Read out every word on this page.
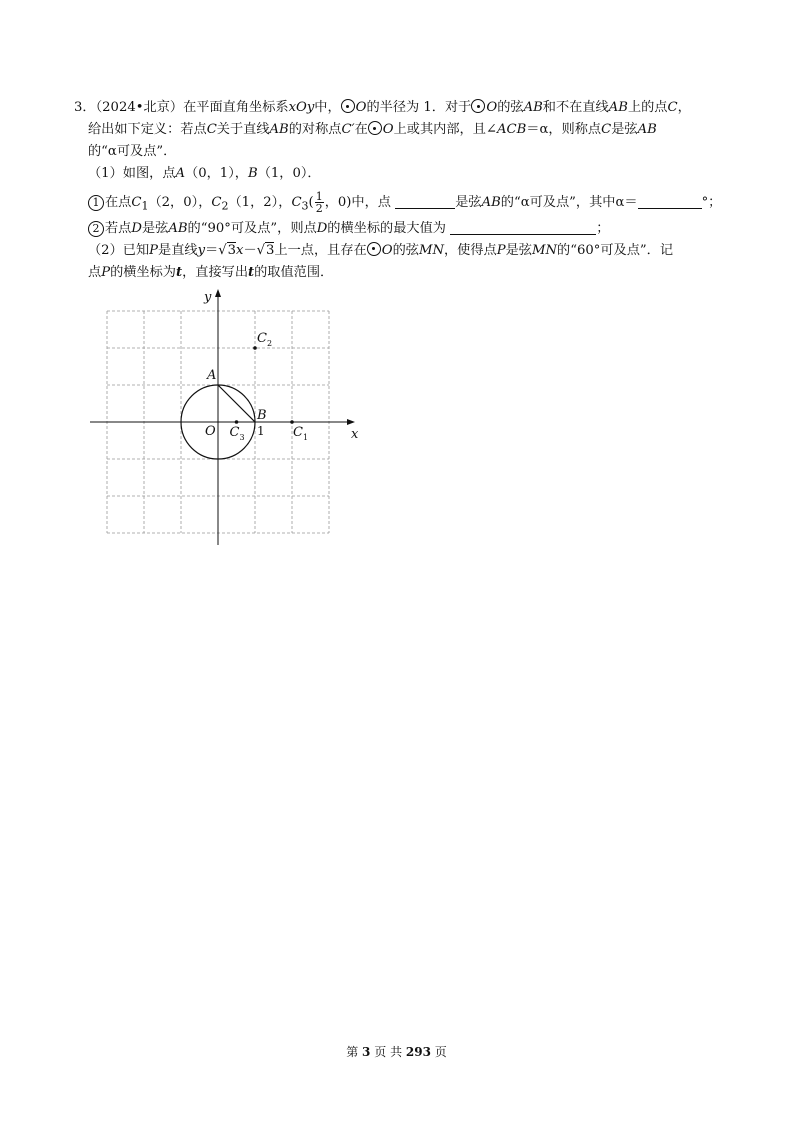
3．（2024•北京）在平面直角坐标系xOy中， O的半径为 1．对于 O的弦AB和不在直线AB上的点C，
给出如下定义：若点C关于直线AB的对称点C′在 O上或其内部，且∠ACB＝α，则称点C是弦AB
的“α可及点”．
（1）如图，点A（0，1），B（1，0）．
1 在点$C_1(2$，0），$C_2(1$，2），$C_3( \frac{1}{2}$ ，0)中，点	是弦AB的“α可及点”，其中α＝	°；
2 若点D是弦AB的“90°可及点”，则点D的横坐标的最大值为	；
（2）已知P是直线y＝√3x－√3上一点，且存在 O的弦MN，使得点P是弦MN的“60°可及点”．记
点P的横坐标为t，直接写出t的取值范围．
y
x
O
A
B
1 $C_1$
$C_2$
$C_3$
第 3 页 共 293 页
